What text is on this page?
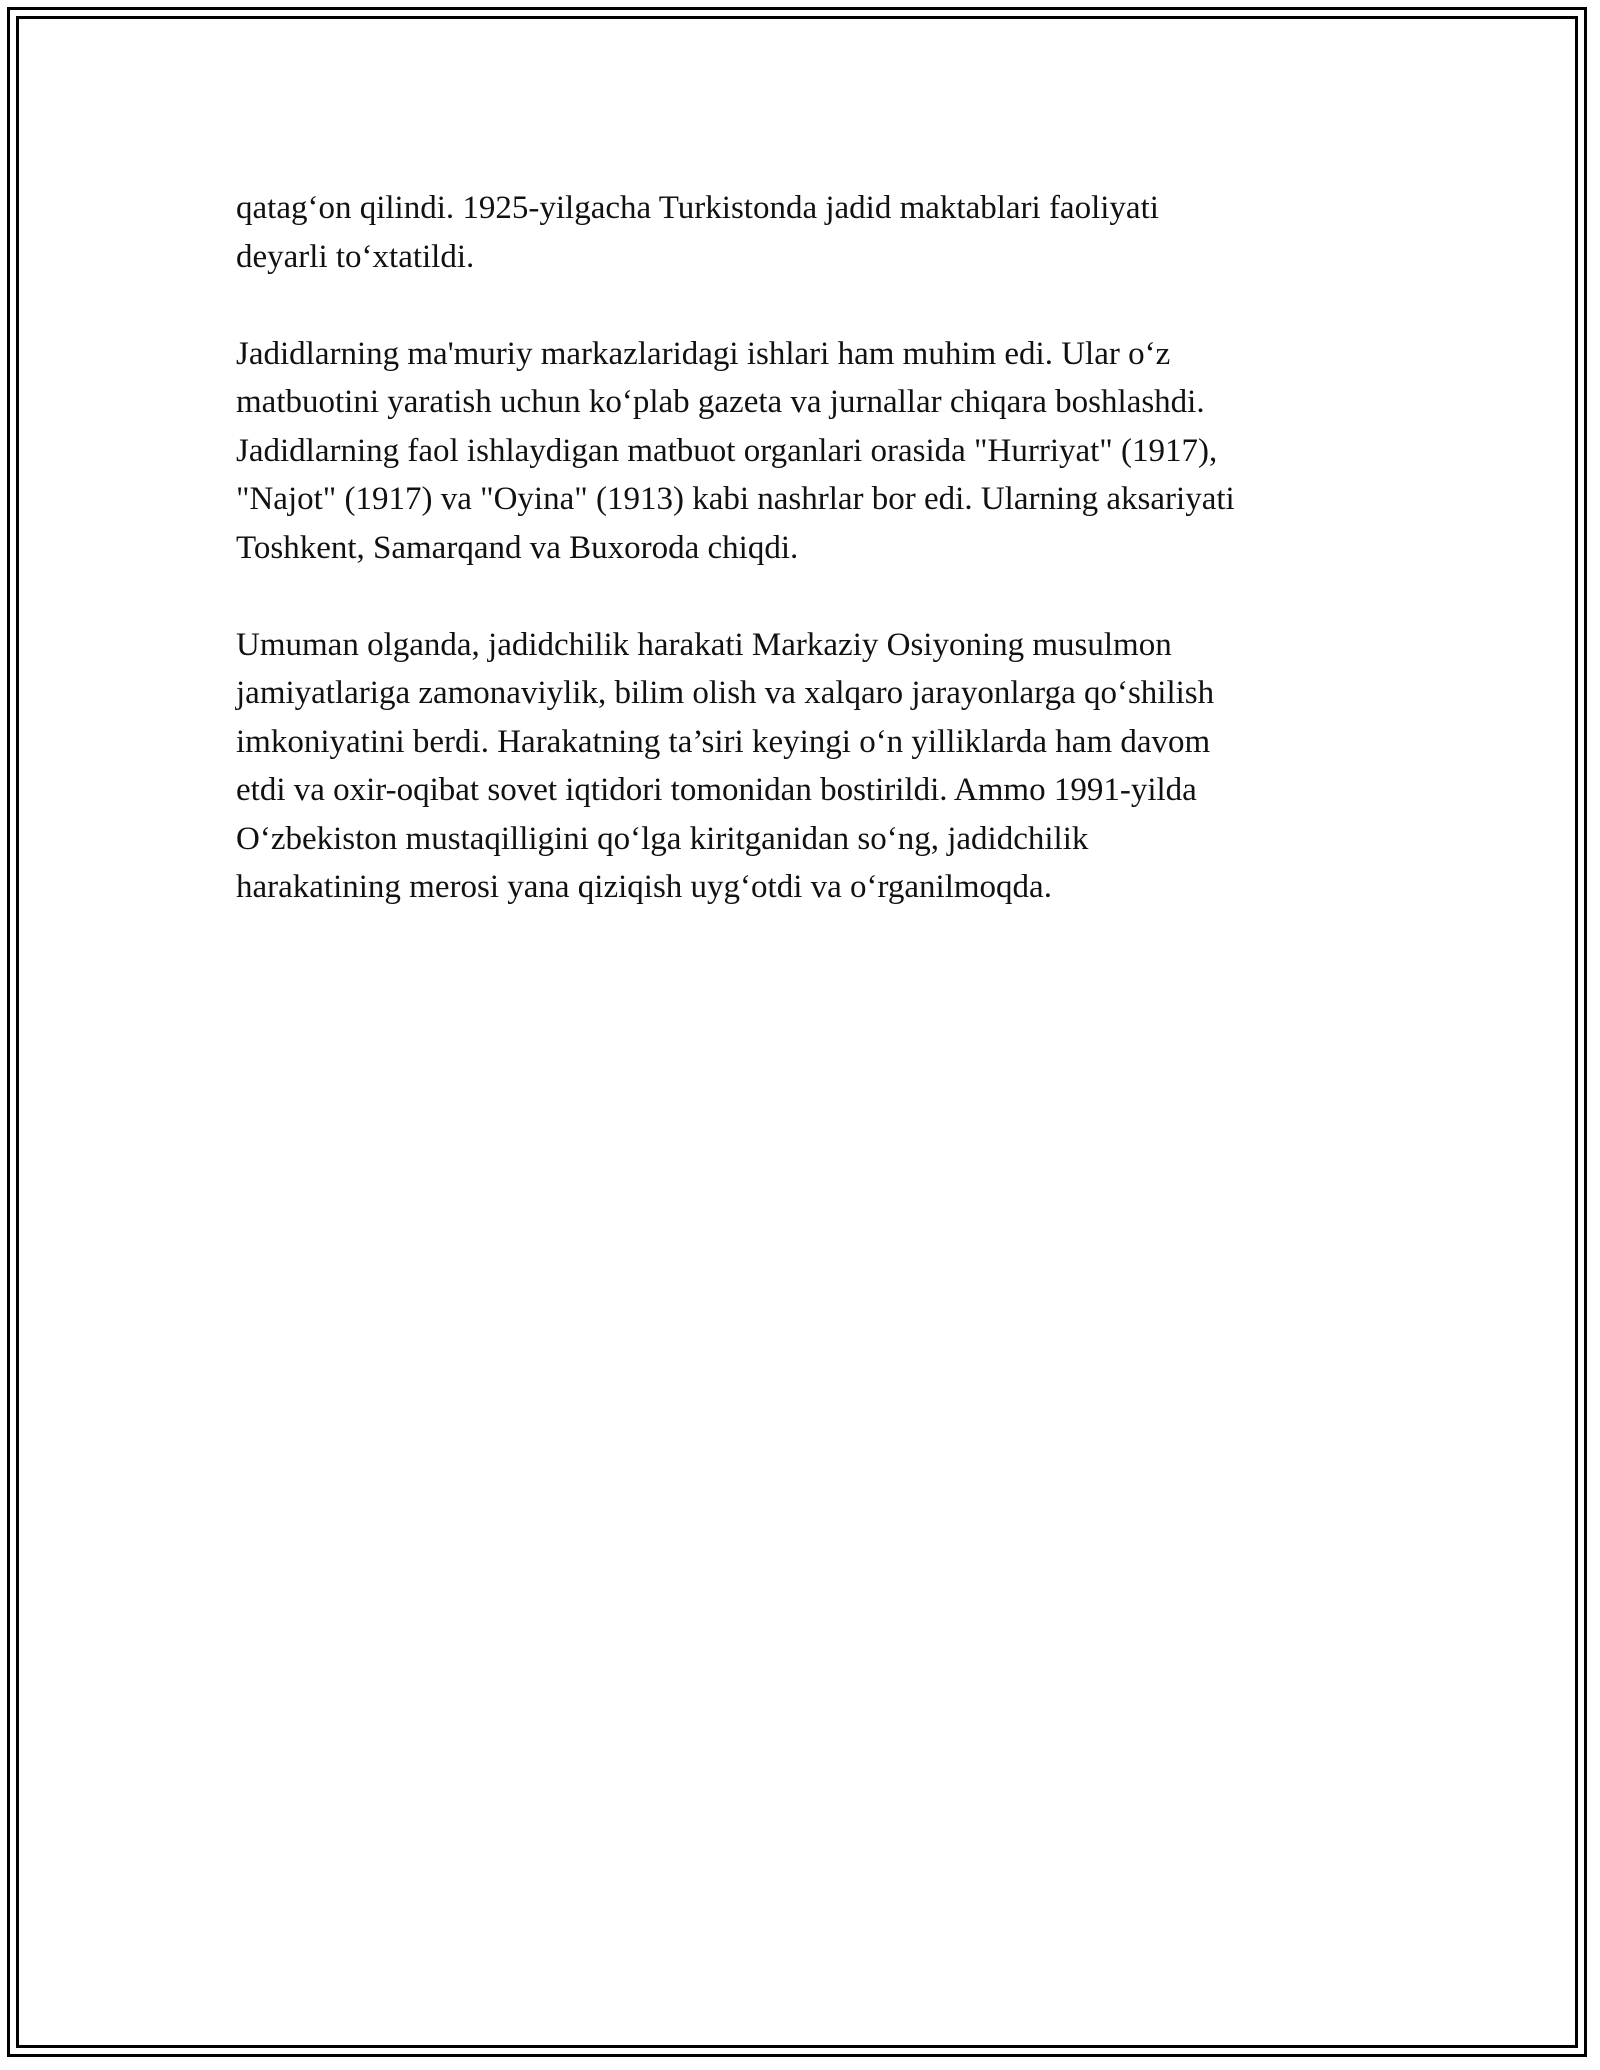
qatag‘on qilindi. 1925-yilgacha Turkistonda jadid maktablari faoliyati
deyarli to‘xtatildi.

Jadidlarning ma'muriy markazlaridagi ishlari ham muhim edi. Ular o‘z
matbuotini yaratish uchun ko‘plab gazeta va jurnallar chiqara boshlashdi.
Jadidlarning faol ishlaydigan matbuot organlari orasida "Hurriyat" (1917),
"Najot" (1917) va "Oyina" (1913) kabi nashrlar bor edi. Ularning aksariyati
Toshkent, Samarqand va Buxoroda chiqdi.

Umuman olganda, jadidchilik harakati Markaziy Osiyoning musulmon
jamiyatlariga zamonaviylik, bilim olish va xalqaro jarayonlarga qo‘shilish
imkoniyatini berdi. Harakatning ta’siri keyingi o‘n yilliklarda ham davom
etdi va oxir-oqibat sovet iqtidori tomonidan bostirildi. Ammo 1991-yilda
O‘zbekiston mustaqilligini qo‘lga kiritganidan so‘ng, jadidchilik
harakatining merosi yana qiziqish uyg‘otdi va o‘rganilmoqda.
